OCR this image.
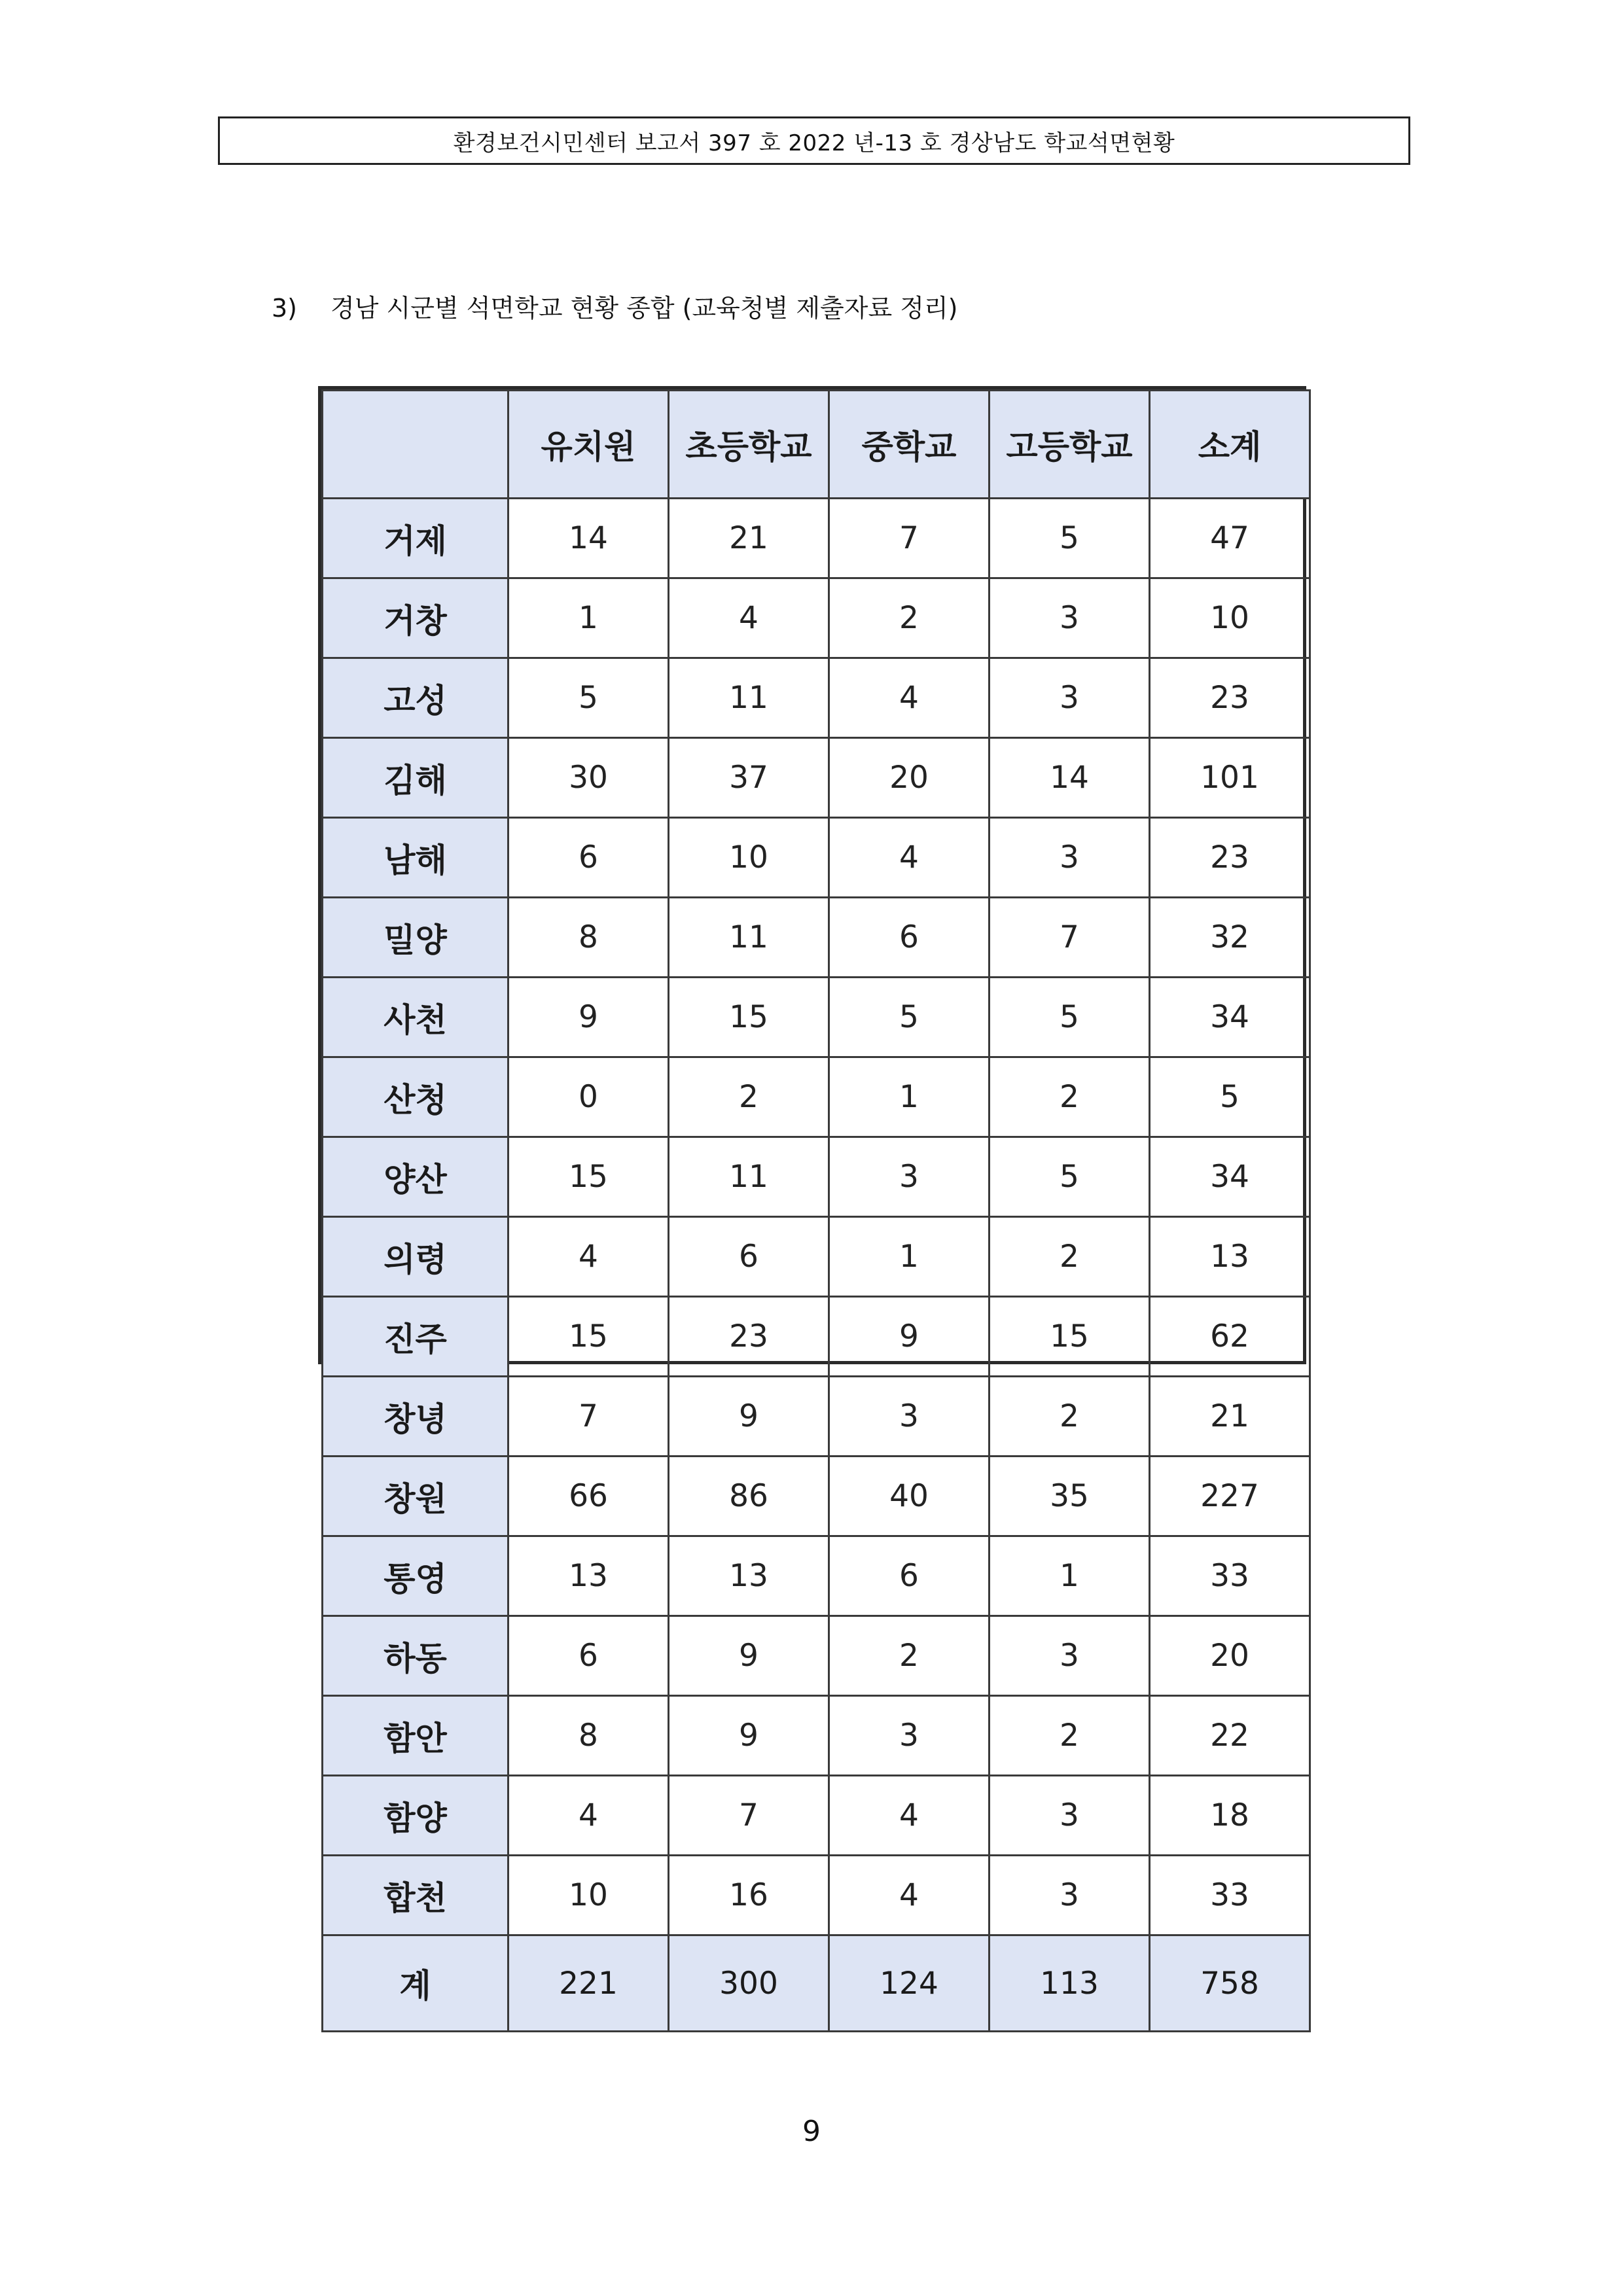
환경보건시민센터 보고서 397 호 2022 년-13 호 경상남도 학교석면현황
3) 경남 시군별 석면학교 현황 종합 (교육청별 제출자료 정리)
	유치원	초등학교	중학교	고등학교	소계
거제	14	21	7	5	47
거창	1	4	2	3	10
고성	5	11	4	3	23
김해	30	37	20	14	101
남해	6	10	4	3	23
밀양	8	11	6	7	32
사천	9	15	5	5	34
산청	0	2	1	2	5
양산	15	11	3	5	34
의령	4	6	1	2	13
진주	15	23	9	15	62
창녕	7	9	3	2	21
창원	66	86	40	35	227
통영	13	13	6	1	33
하동	6	9	2	3	20
함안	8	9	3	2	22
함양	4	7	4	3	18
합천	10	16	4	3	33
계	221	300	124	113	758
9
